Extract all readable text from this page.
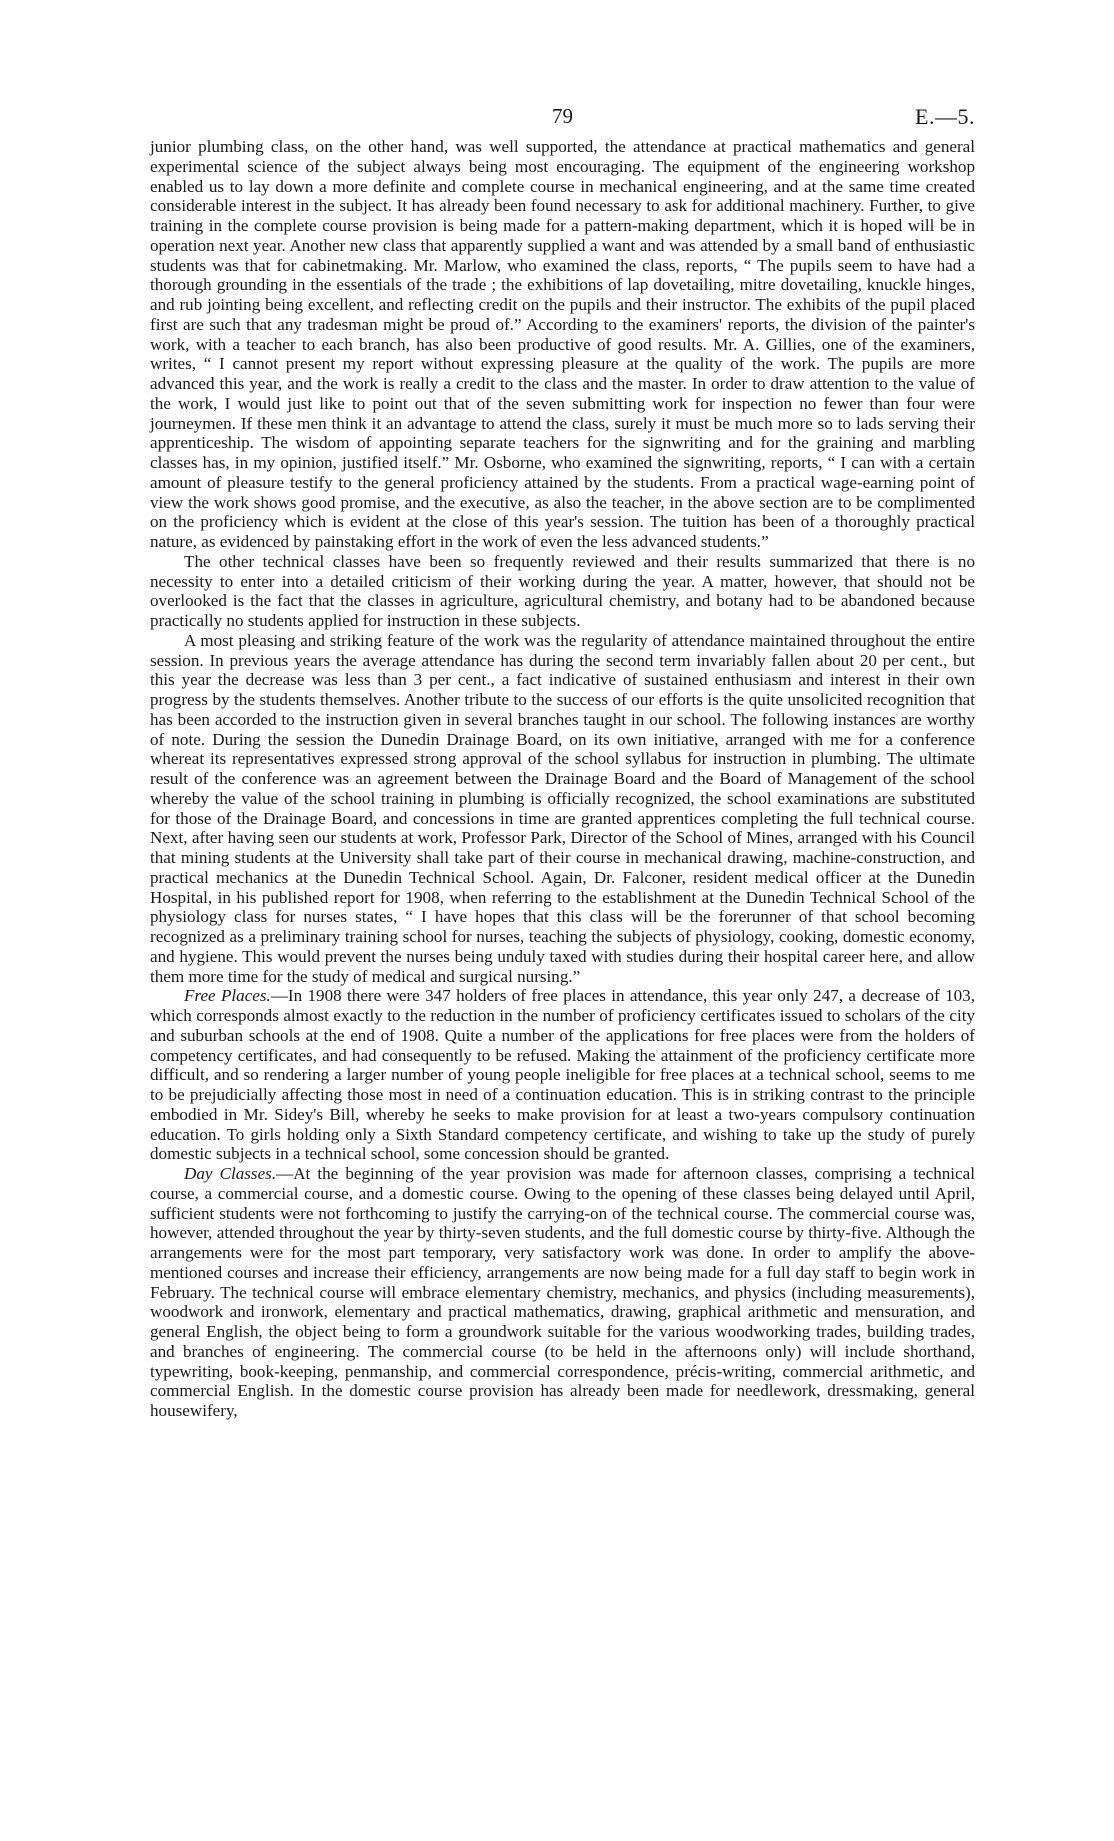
79	E.—5.

junior plumbing class, on the other hand, was well supported, the attendance at practical mathematics and general experimental science of the subject always being most encouraging. The equipment of the engineering workshop enabled us to lay down a more definite and complete course in mechanical engineering, and at the same time created considerable interest in the subject. It has already been found necessary to ask for additional machinery. Further, to give training in the complete course provision is being made for a pattern-making department, which it is hoped will be in operation next year. Another new class that apparently supplied a want and was attended by a small band of enthusiastic students was that for cabinetmaking. Mr. Marlow, who examined the class, reports, “ The pupils seem to have had a thorough grounding in the essentials of the trade ; the exhibitions of lap dovetailing, mitre dovetailing, knuckle hinges, and rub jointing being excellent, and reflecting credit on the pupils and their instructor. The exhibits of the pupil placed first are such that any tradesman might be proud of.” According to the examiners' reports, the division of the painter's work, with a teacher to each branch, has also been productive of good results. Mr. A. Gillies, one of the examiners, writes, “ I cannot present my report without expressing pleasure at the quality of the work. The pupils are more advanced this year, and the work is really a credit to the class and the master. In order to draw attention to the value of the work, I would just like to point out that of the seven submitting work for inspection no fewer than four were journeymen. If these men think it an advantage to attend the class, surely it must be much more so to lads serving their apprenticeship. The wisdom of appointing separate teachers for the signwriting and for the graining and marbling classes has, in my opinion, justified itself.” Mr. Osborne, who examined the signwriting, reports, “ I can with a certain amount of pleasure testify to the general proficiency attained by the students. From a practical wage-earning point of view the work shows good promise, and the executive, as also the teacher, in the above section are to be complimented on the proficiency which is evident at the close of this year's session. The tuition has been of a thoroughly practical nature, as evidenced by painstaking effort in the work of even the less advanced students.”

The other technical classes have been so frequently reviewed and their results summarized that there is no necessity to enter into a detailed criticism of their working during the year. A matter, however, that should not be overlooked is the fact that the classes in agriculture, agricultural chemistry, and botany had to be abandoned because practically no students applied for instruction in these subjects.

A most pleasing and striking feature of the work was the regularity of attendance maintained throughout the entire session. In previous years the average attendance has during the second term invariably fallen about 20 per cent., but this year the decrease was less than 3 per cent., a fact indicative of sustained enthusiasm and interest in their own progress by the students themselves. Another tribute to the success of our efforts is the quite unsolicited recognition that has been accorded to the instruction given in several branches taught in our school. The following instances are worthy of note. During the session the Dunedin Drainage Board, on its own initiative, arranged with me for a conference whereat its representatives expressed strong approval of the school syllabus for instruction in plumbing. The ultimate result of the conference was an agreement between the Drainage Board and the Board of Management of the school whereby the value of the school training in plumbing is officially recognized, the school examinations are substituted for those of the Drainage Board, and concessions in time are granted apprentices completing the full technical course. Next, after having seen our students at work, Professor Park, Director of the School of Mines, arranged with his Council that mining students at the University shall take part of their course in mechanical drawing, machine-construction, and practical mechanics at the Dunedin Technical School. Again, Dr. Falconer, resident medical officer at the Dunedin Hospital, in his published report for 1908, when referring to the establishment at the Dunedin Technical School of the physiology class for nurses states, “ I have hopes that this class will be the forerunner of that school becoming recognized as a preliminary training school for nurses, teaching the subjects of physiology, cooking, domestic economy, and hygiene. This would prevent the nurses being unduly taxed with studies during their hospital career here, and allow them more time for the study of medical and surgical nursing.”

Free Places.—In 1908 there were 347 holders of free places in attendance, this year only 247, a decrease of 103, which corresponds almost exactly to the reduction in the number of proficiency certificates issued to scholars of the city and suburban schools at the end of 1908. Quite a number of the applications for free places were from the holders of competency certificates, and had consequently to be refused. Making the attainment of the proficiency certificate more difficult, and so rendering a larger number of young people ineligible for free places at a technical school, seems to me to be prejudicially affecting those most in need of a continuation education. This is in striking contrast to the principle embodied in Mr. Sidey's Bill, whereby he seeks to make provision for at least a two-years compulsory continuation education. To girls holding only a Sixth Standard competency certificate, and wishing to take up the study of purely domestic subjects in a technical school, some concession should be granted.

Day Classes.—At the beginning of the year provision was made for afternoon classes, comprising a technical course, a commercial course, and a domestic course. Owing to the opening of these classes being delayed until April, sufficient students were not forthcoming to justify the carrying-on of the technical course. The commercial course was, however, attended throughout the year by thirty-seven students, and the full domestic course by thirty-five. Although the arrangements were for the most part temporary, very satisfactory work was done. In order to amplify the above-mentioned courses and increase their efficiency, arrangements are now being made for a full day staff to begin work in February. The technical course will embrace elementary chemistry, mechanics, and physics (including measurements), woodwork and ironwork, elementary and practical mathematics, drawing, graphical arithmetic and mensuration, and general English, the object being to form a groundwork suitable for the various woodworking trades, building trades, and branches of engineering. The commercial course (to be held in the afternoons only) will include shorthand, typewriting, book-keeping, penmanship, and commercial correspondence, précis-writing, commercial arithmetic, and commercial English. In the domestic course provision has already been made for needlework, dressmaking, general housewifery,
